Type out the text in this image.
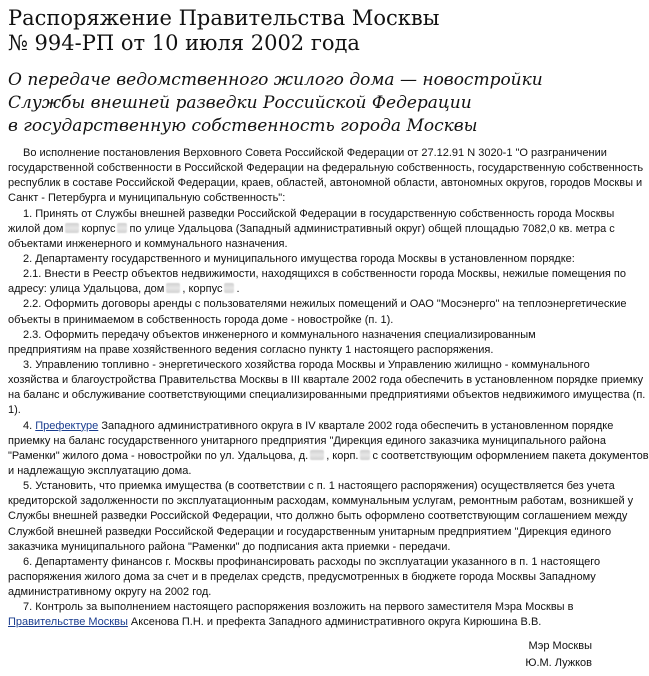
Распоряжение Правительства Москвы
№ 994-РП от 10 июля 2002 года
О передаче ведомственного жилого дома — новостройки
Службы внешней разведки Российской Федерации
в государственную собственность города Москвы
Во исполнение постановления Верховного Совета Российской Федерации от 27.12.91 N 3020-1 "О разграничении
государственной собственности в Российской Федерации на федеральную собственность, государственную собственность
республик в составе Российской Федерации, краев, областей, автономной области, автономных округов, городов Москвы и
Санкт - Петербурга и муниципальную собственность":
1. Принять от Службы внешней разведки Российской Федерации в государственную собственность города Москвы
жилой дом корпус по улице Удальцова (Западный административный округ) общей площадью 7082,0 кв. метра с
объектами инженерного и коммунального назначения.
2. Департаменту государственного и муниципального имущества города Москвы в установленном порядке:
2.1. Внести в Реестр объектов недвижимости, находящихся в собственности города Москвы, нежилые помещения по
адресу: улица Удальцова, дом , корпус .
2.2. Оформить договоры аренды с пользователями нежилых помещений и ОАО "Мосэнерго" на теплоэнергетические
объекты в принимаемом в собственность города доме - новостройке (п. 1).
2.3. Оформить передачу объектов инженерного и коммунального назначения специализированным
предприятиям на праве хозяйственного ведения согласно пункту 1 настоящего распоряжения.
3. Управлению топливно - энергетического хозяйства города Москвы и Управлению жилищно - коммунального
хозяйства и благоустройства Правительства Москвы в III квартале 2002 года обеспечить в установленном порядке приемку
на баланс и обслуживание соответствующими специализированными предприятиями объектов недвижимого имущества (п.
1).
4. Префектуре Западного административного округа в IV квартале 2002 года обеспечить в установленном порядке
приемку на баланс государственного унитарного предприятия "Дирекция единого заказчика муниципального района
"Раменки" жилого дома - новостройки по ул. Удальцова, д. , корп. с соответствующим оформлением пакета документов
и надлежащую эксплуатацию дома.
5. Установить, что приемка имущества (в соответствии с п. 1 настоящего распоряжения) осуществляется без учета
кредиторской задолженности по эксплуатационным расходам, коммунальным услугам, ремонтным работам, возникшей у
Службы внешней разведки Российской Федерации, что должно быть оформлено соответствующим соглашением между
Службой внешней разведки Российской Федерации и государственным унитарным предприятием "Дирекция единого
заказчика муниципального района "Раменки" до подписания акта приемки - передачи.
6. Департаменту финансов г. Москвы профинансировать расходы по эксплуатации указанного в п. 1 настоящего
распоряжения жилого дома за счет и в пределах средств, предусмотренных в бюджете города Москвы Западному
административному округу на 2002 год.
7. Контроль за выполнением настоящего распоряжения возложить на первого заместителя Мэра Москвы в
Правительстве Москвы Аксенова П.Н. и префекта Западного административного округа Кирюшина В.В.
Мэр Москвы
Ю.М. Лужков
